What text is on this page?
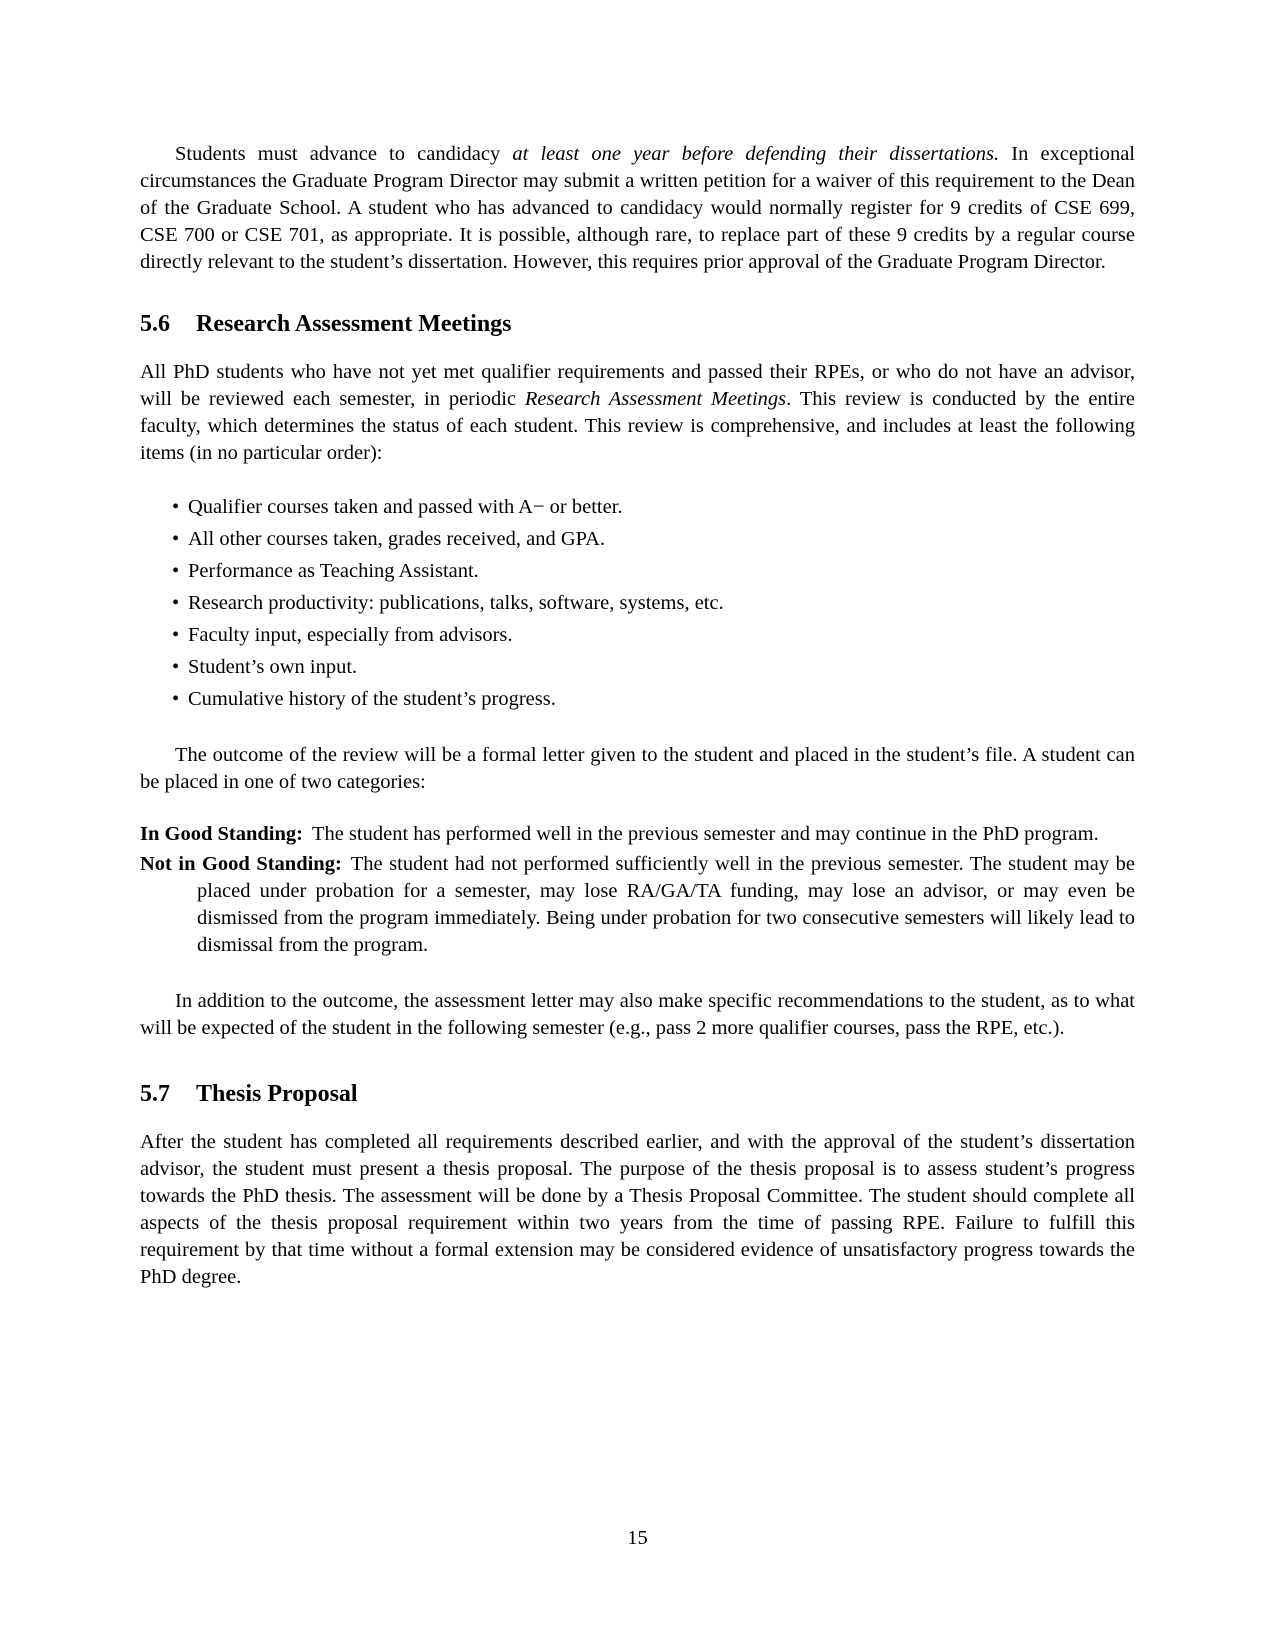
Students must advance to candidacy at least one year before defending their dissertations. In exceptional circumstances the Graduate Program Director may submit a written petition for a waiver of this requirement to the Dean of the Graduate School. A student who has advanced to candidacy would normally register for 9 credits of CSE 699, CSE 700 or CSE 701, as appropriate. It is possible, although rare, to replace part of these 9 credits by a regular course directly relevant to the student’s dissertation. However, this requires prior approval of the Graduate Program Director.

5.6 Research Assessment Meetings

All PhD students who have not yet met qualifier requirements and passed their RPEs, or who do not have an advisor, will be reviewed each semester, in periodic Research Assessment Meetings. This review is conducted by the entire faculty, which determines the status of each student. This review is comprehensive, and includes at least the following items (in no particular order):

• Qualifier courses taken and passed with A− or better.
• All other courses taken, grades received, and GPA.
• Performance as Teaching Assistant.
• Research productivity: publications, talks, software, systems, etc.
• Faculty input, especially from advisors.
• Student’s own input.
• Cumulative history of the student’s progress.

The outcome of the review will be a formal letter given to the student and placed in the student’s file. A student can be placed in one of two categories:

In Good Standing: The student has performed well in the previous semester and may continue in the PhD program.
Not in Good Standing: The student had not performed sufficiently well in the previous semester. The student may be placed under probation for a semester, may lose RA/GA/TA funding, may lose an advisor, or may even be dismissed from the program immediately. Being under probation for two consecutive semesters will likely lead to dismissal from the program.

In addition to the outcome, the assessment letter may also make specific recommendations to the student, as to what will be expected of the student in the following semester (e.g., pass 2 more qualifier courses, pass the RPE, etc.).

5.7 Thesis Proposal

After the student has completed all requirements described earlier, and with the approval of the student’s dissertation advisor, the student must present a thesis proposal. The purpose of the thesis proposal is to assess student’s progress towards the PhD thesis. The assessment will be done by a Thesis Proposal Committee. The student should complete all aspects of the thesis proposal requirement within two years from the time of passing RPE. Failure to fulfill this requirement by that time without a formal extension may be considered evidence of unsatisfactory progress towards the PhD degree.

15
